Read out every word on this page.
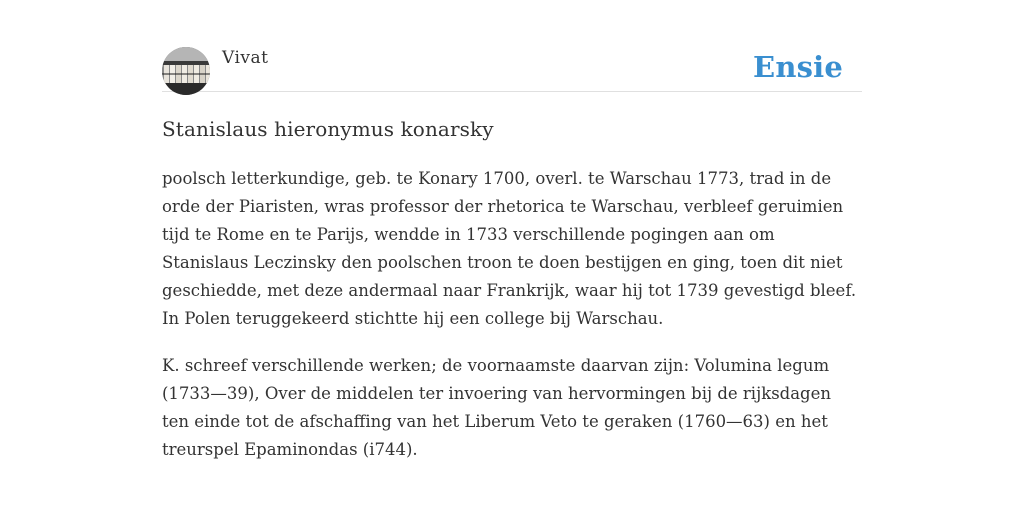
Vivat	Ensie
Stanislaus hieronymus konarsky

poolsch letterkundige, geb. te Konary 1700, overl. te Warschau 1773, trad in de orde der Piaristen, wras professor der rhetorica te Warschau, verbleef geruimien tijd te Rome en te Parijs, wendde in 1733 verschillende pogingen aan om Stanislaus Leczinsky den poolschen troon te doen bestijgen en ging, toen dit niet geschiedde, met deze andermaal naar Frankrijk, waar hij tot 1739 gevestigd bleef. In Polen teruggekeerd stichtte hij een college bij Warschau.

K. schreef verschillende werken; de voornaamste daarvan zijn: Volumina legum (1733—39), Over de middelen ter invoering van hervormingen bij de rijksdagen ten einde tot de afschaffing van het Liberum Veto te geraken (1760—63) en het treurspel Epaminondas (i744).
